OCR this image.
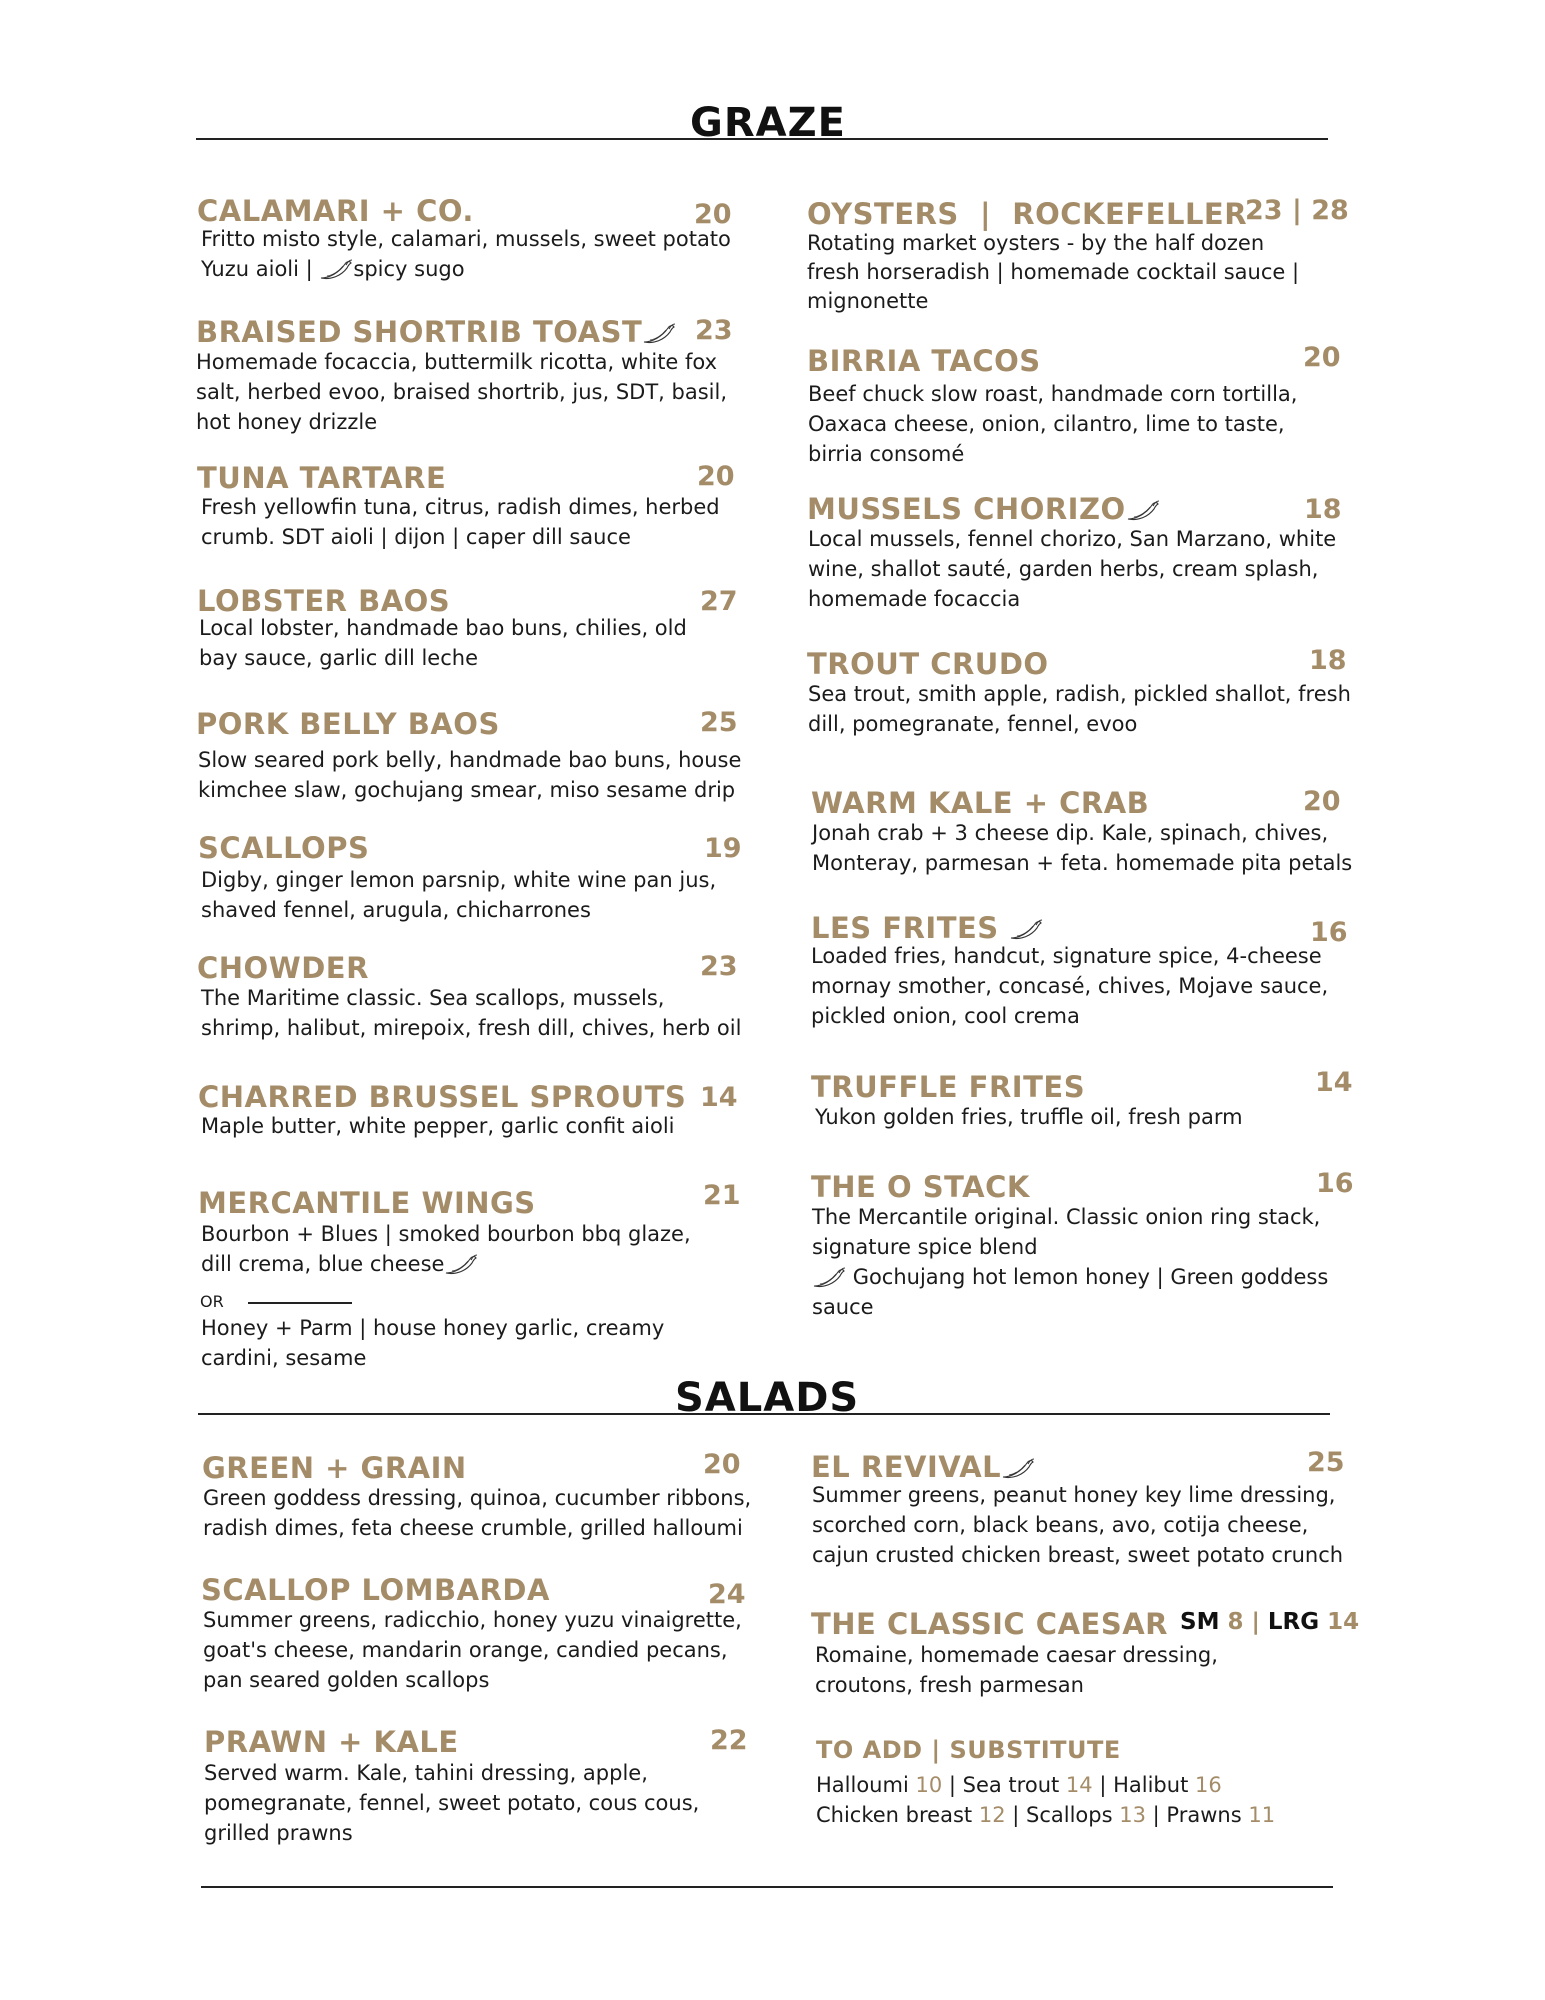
GRAZE
CALAMARI + CO.	20
Fritto misto style, calamari, mussels, sweet potato
Yuzu aioli | spicy sugo
BRAISED SHORTRIB TOAST	23
Homemade focaccia, buttermilk ricotta, white fox salt, herbed evoo, braised shortrib, jus, SDT, basil, hot honey drizzle
TUNA TARTARE	20
Fresh yellowfin tuna, citrus, radish dimes, herbed crumb. SDT aioli | dijon | caper dill sauce
LOBSTER BAOS	27
Local lobster, handmade bao buns, chilies, old bay sauce, garlic dill leche
PORK BELLY BAOS	25
Slow seared pork belly, handmade bao buns, house kimchee slaw, gochujang smear, miso sesame drip
SCALLOPS	19
Digby, ginger lemon parsnip, white wine pan jus, shaved fennel, arugula, chicharrones
CHOWDER	23
The Maritime classic. Sea scallops, mussels, shrimp, halibut, mirepoix, fresh dill, chives, herb oil
CHARRED BRUSSEL SPROUTS 14
Maple butter, white pepper, garlic confit aioli
MERCANTILE WINGS	21
Bourbon + Blues | smoked bourbon bbq glaze,
dill crema, blue cheese
OR
Honey + Parm | house honey garlic, creamy cardini, sesame
OYSTERS  |  ROCKEFELLER
23 | 28
Rotating market oysters - by the half dozen fresh horseradish | homemade cocktail sauce | mignonette
BIRRIA TACOS	20
Beef chuck slow roast, handmade corn tortilla, Oaxaca cheese, onion, cilantro, lime to taste, birria consomé
MUSSELS CHORIZO	18
Local mussels, fennel chorizo, San Marzano, white wine, shallot sauté, garden herbs, cream splash, homemade focaccia
TROUT CRUDO	18
Sea trout, smith apple, radish, pickled shallot, fresh dill, pomegranate, fennel, evoo
WARM KALE + CRAB	20
Jonah crab + 3 cheese dip. Kale, spinach, chives, Monteray, parmesan + feta. homemade pita petals
LES FRITES	16
Loaded fries, handcut, signature spice, 4-cheese mornay smother, concasé, chives, Mojave sauce, pickled onion, cool crema
TRUFFLE FRITES	14
Yukon golden fries, truffle oil, fresh parm
THE O STACK	16
The Mercantile original. Classic onion ring stack, signature spice blend
Gochujang hot lemon honey | Green goddess sauce
SALADS
GREEN + GRAIN	20
Green goddess dressing, quinoa, cucumber ribbons, radish dimes, feta cheese crumble, grilled halloumi
SCALLOP LOMBARDA	24
Summer greens, radicchio, honey yuzu vinaigrette, goat's cheese, mandarin orange, candied pecans, pan seared golden scallops
PRAWN + KALE	22
Served warm. Kale, tahini dressing, apple, pomegranate, fennel, sweet potato, cous cous, grilled prawns
EL REVIVAL	25
Summer greens, peanut honey key lime dressing, scorched corn, black beans, avo, cotija cheese, cajun crusted chicken breast, sweet potato crunch
THE CLASSIC CAESAR SM 8 | LRG 14
Romaine, homemade caesar dressing, croutons, fresh parmesan
TO ADD | SUBSTITUTE
Halloumi 10 | Sea trout 14 | Halibut 16
Chicken breast 12 | Scallops 13 | Prawns 11
